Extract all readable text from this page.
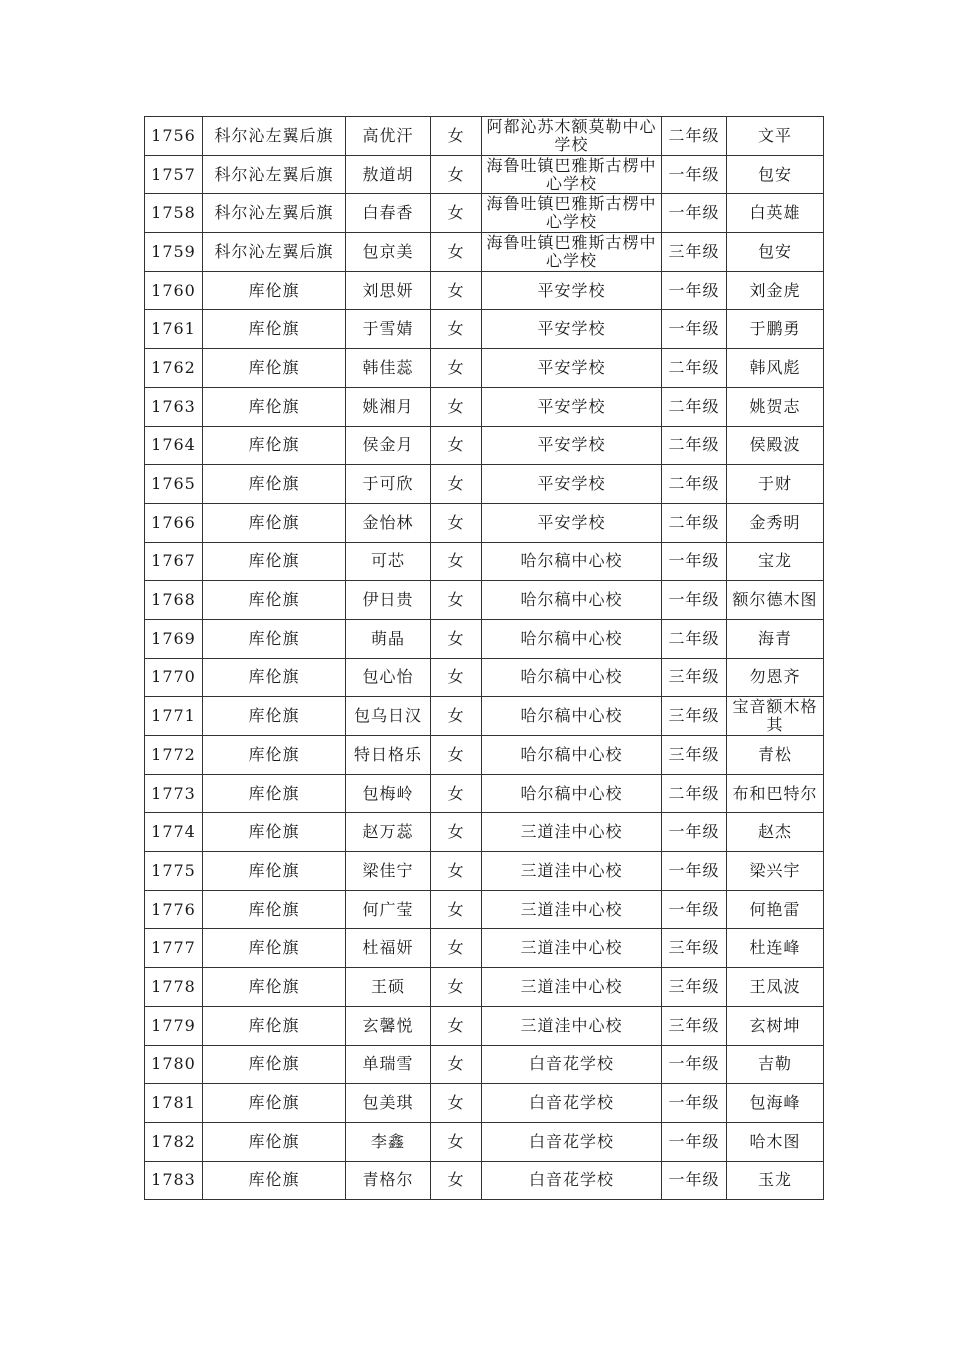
1756	科尔沁左翼后旗	高优汗	女	阿都沁苏木额莫勒中心学校	二年级	文平
1757	科尔沁左翼后旗	敖道胡	女	海鲁吐镇巴雅斯古楞中心学校	一年级	包安
1758	科尔沁左翼后旗	白春香	女	海鲁吐镇巴雅斯古楞中心学校	一年级	白英雄
1759	科尔沁左翼后旗	包京美	女	海鲁吐镇巴雅斯古楞中心学校	三年级	包安
1760	库伦旗	刘思妍	女	平安学校	一年级	刘金虎
1761	库伦旗	于雪婧	女	平安学校	一年级	于鹏勇
1762	库伦旗	韩佳蕊	女	平安学校	二年级	韩风彪
1763	库伦旗	姚湘月	女	平安学校	二年级	姚贺志
1764	库伦旗	侯金月	女	平安学校	二年级	侯殿波
1765	库伦旗	于可欣	女	平安学校	二年级	于财
1766	库伦旗	金怡林	女	平安学校	二年级	金秀明
1767	库伦旗	可芯	女	哈尔稿中心校	一年级	宝龙
1768	库伦旗	伊日贵	女	哈尔稿中心校	一年级	额尔德木图
1769	库伦旗	萌晶	女	哈尔稿中心校	二年级	海青
1770	库伦旗	包心怡	女	哈尔稿中心校	三年级	勿恩齐
1771	库伦旗	包乌日汉	女	哈尔稿中心校	三年级	宝音额木格其
1772	库伦旗	特日格乐	女	哈尔稿中心校	三年级	青松
1773	库伦旗	包梅岭	女	哈尔稿中心校	二年级	布和巴特尔
1774	库伦旗	赵万蕊	女	三道洼中心校	一年级	赵杰
1775	库伦旗	梁佳宁	女	三道洼中心校	一年级	梁兴宇
1776	库伦旗	何广莹	女	三道洼中心校	一年级	何艳雷
1777	库伦旗	杜福妍	女	三道洼中心校	三年级	杜连峰
1778	库伦旗	王硕	女	三道洼中心校	三年级	王凤波
1779	库伦旗	玄馨悦	女	三道洼中心校	三年级	玄树坤
1780	库伦旗	单瑞雪	女	白音花学校	一年级	吉勒
1781	库伦旗	包美琪	女	白音花学校	一年级	包海峰
1782	库伦旗	李鑫	女	白音花学校	一年级	哈木图
1783	库伦旗	青格尔	女	白音花学校	一年级	玉龙
